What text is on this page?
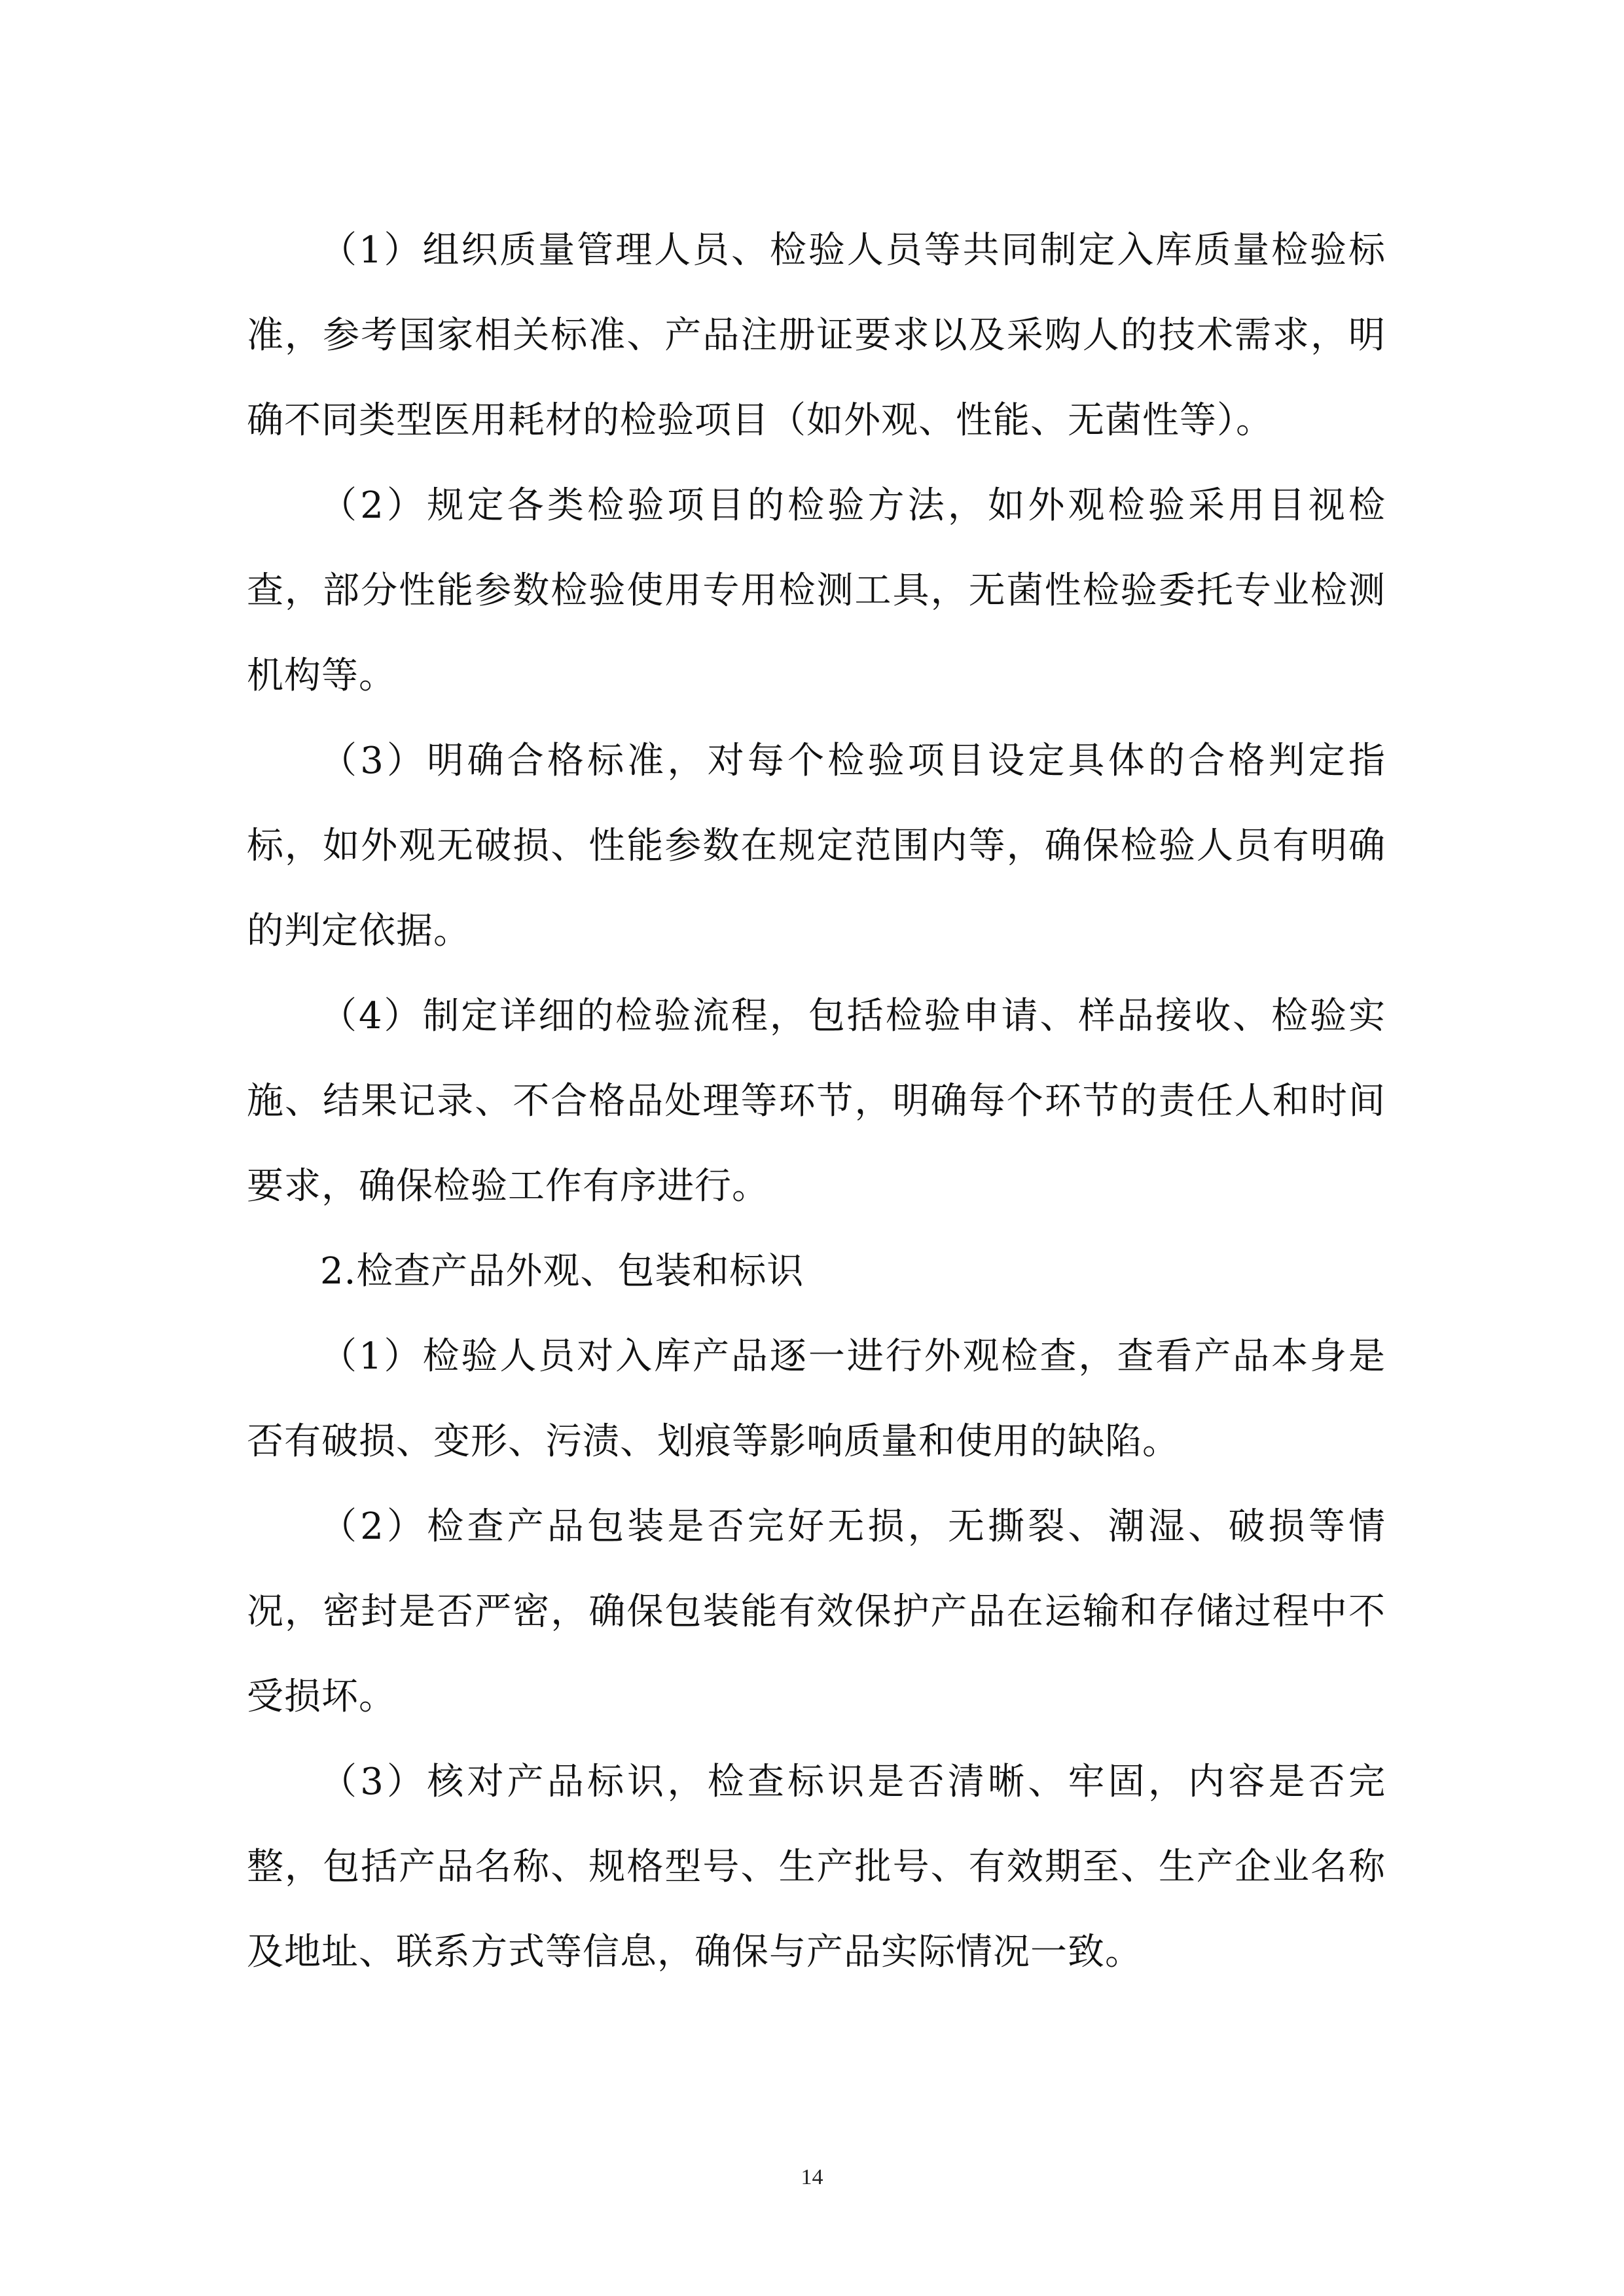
（1）组织质量管理人员、检验人员等共同制定入库质量检验标准，参考国家相关标准、产品注册证要求以及采购人的技术需求，明确不同类型医用耗材的检验项目（如外观、性能、无菌性等）。

（2）规定各类检验项目的检验方法，如外观检验采用目视检查，部分性能参数检验使用专用检测工具，无菌性检验委托专业检测机构等。

（3）明确合格标准，对每个检验项目设定具体的合格判定指标，如外观无破损、性能参数在规定范围内等，确保检验人员有明确的判定依据。

（4）制定详细的检验流程，包括检验申请、样品接收、检验实施、结果记录、不合格品处理等环节，明确每个环节的责任人和时间要求，确保检验工作有序进行。

2.检查产品外观、包装和标识

（1）检验人员对入库产品逐一进行外观检查，查看产品本身是否有破损、变形、污渍、划痕等影响质量和使用的缺陷。

（2）检查产品包装是否完好无损，无撕裂、潮湿、破损等情况，密封是否严密，确保包装能有效保护产品在运输和存储过程中不受损坏。

（3）核对产品标识，检查标识是否清晰、牢固，内容是否完整，包括产品名称、规格型号、生产批号、有效期至、生产企业名称及地址、联系方式等信息，确保与产品实际情况一致。

14
